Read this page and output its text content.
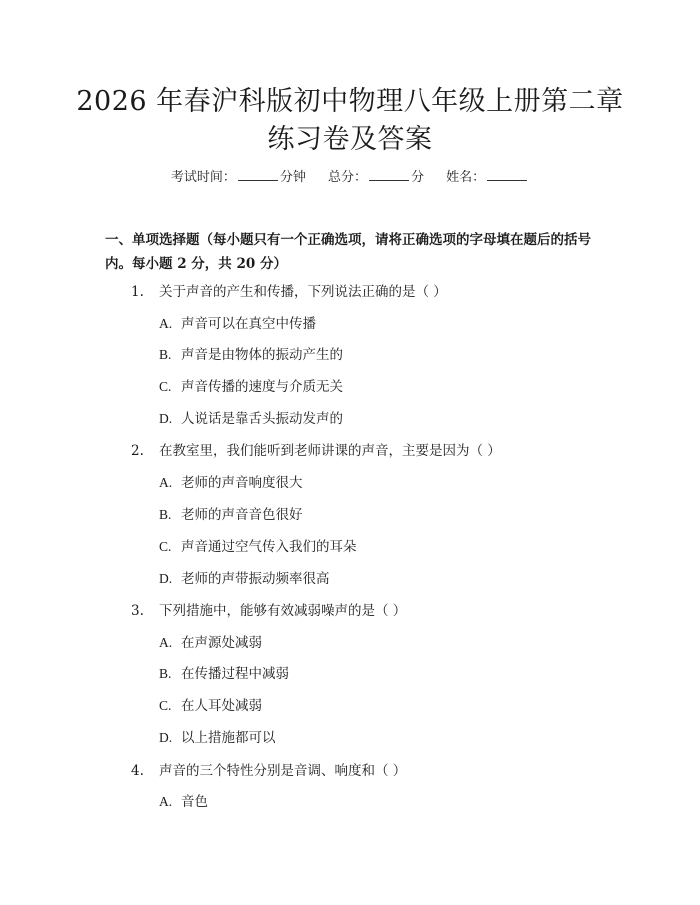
2026 年春沪科版初中物理八年级上册第二章
练习卷及答案
考试时间：	分钟 总分：	分 姓名：
一、单项选择题（每小题只有一个正确选项，请将正确选项的字母填在题后的括号内。每小题 2 分，共 20 分）
1. 关于声音的产生和传播，下列说法正确的是（ ）
A. 声音可以在真空中传播
B. 声音是由物体的振动产生的
C. 声音传播的速度与介质无关
D. 人说话是靠舌头振动发声的
2. 在教室里，我们能听到老师讲课的声音，主要是因为（ ）
A. 老师的声音响度很大
B. 老师的声音音色很好
C. 声音通过空气传入我们的耳朵
D. 老师的声带振动频率很高
3. 下列措施中，能够有效减弱噪声的是（ ）
A. 在声源处减弱
B. 在传播过程中减弱
C. 在人耳处减弱
D. 以上措施都可以
4. 声音的三个特性分别是音调、响度和（ ）
A. 音色
